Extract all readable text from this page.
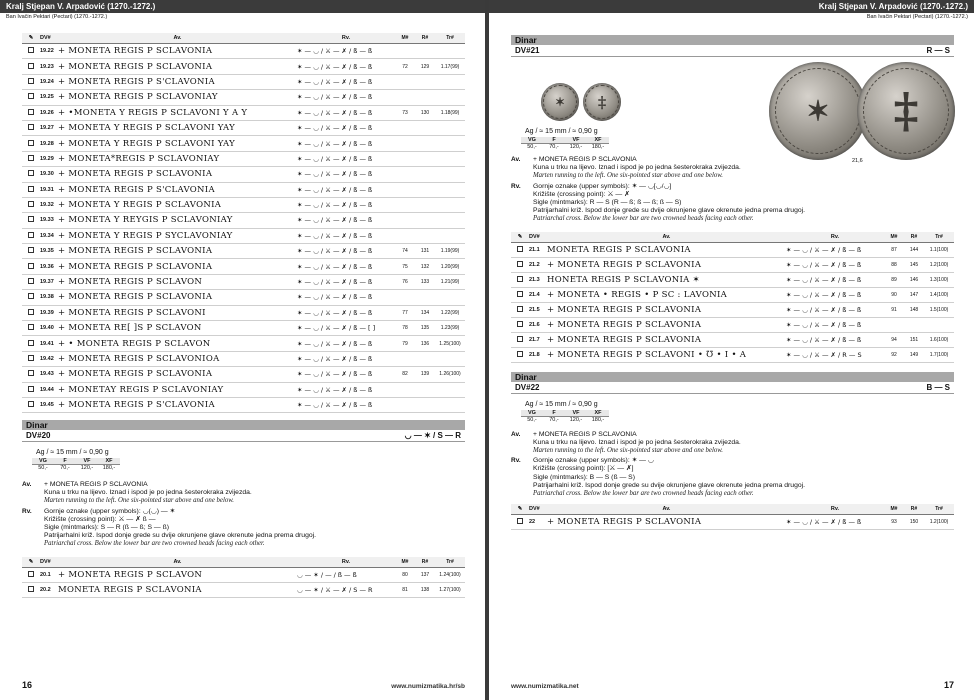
Kralj Stjepan V. Arpadović (1270.-1272.)
Ban Ivačin Pektari (Pectari) (1270.-1272.)
✎	DV#	Av.	Rv.	M#	R#	Tr#
19.22 + MONETA REGIS P SCLAVONIA	✶ — ◡ / ⚔ — ✗ / ß — ß
19.23 + MONETA REGIS P SCLAVONIA	✶ — ◡ / ⚔ — ✗ / ß — ß	72	129	1.17(99)
19.24 + MONETA REGIS P S'CLAVONIA	✶ — ◡ / ⚔ — ✗ / ß — ß
19.25 + MONETA REGIS P SCLAVONIAY	✶ — ◡ / ⚔ — ✗ / ß — ß
19.26 + •MONETA Y REGIS P SCLAVONI Y A Y	✶ — ◡ / ⚔ — ✗ / ß — ß	73	130	1.18(99)
19.27 + MONETA Y REGIS P SCLAVONI YAY	✶ — ◡ / ⚔ — ✗ / ß — ß
19.28 + MONETA Y REGIS P SCLAVONI YAY	✶ — ◡ / ⚔ — ✗ / ß — ß
19.29 + MONETA*REGIS P SCLAVONIAY	✶ — ◡ / ⚔ — ✗ / ß — ß
19.30 + MONETA REGIS P SCLAVONIA	✶ — ◡ / ⚔ — ✗ / ß — ß
19.31 + MONETA REGIS P S'CLAVONIA	✶ — ◡ / ⚔ — ✗ / ß — ß
19.32 + MONETA Y REGIS P SCLAVONIA	✶ — ◡ / ⚔ — ✗ / ß — ß
19.33 + MONETA Y REYGIS P SCLAVONIAY	✶ — ◡ / ⚔ — ✗ / ß — ß
19.34 + MONETA Y REGIS P SYCLAVONIAY	✶ — ◡ / ⚔ — ✗ / ß — ß
19.35 + MONETA REGIS P SCLAVONIA	✶ — ◡ / ⚔ — ✗ / ß — ß	74	131	1.19(99)
19.36 + MONETA REGIS P SCLAVONIA	✶ — ◡ / ⚔ — ✗ / ß — ß	75	132	1.20(99)
19.37 + MONETA REGIS P SCLAVON	✶ — ◡ / ⚔ — ✗ / ß — ß	76	133	1.21(99)
19.38 + MONETA REGIS P SCLAVONIA	✶ — ◡ / ⚔ — ✗ / ß — ß
19.39 + MONETA REGIS P SCLAVONI	✶ — ◡ / ⚔ — ✗ / ß — ß	77	134	1.22(99)
19.40 + MONETA RE[ ]S P SCLAVON	✶ — ◡ / ⚔ — ✗ / ß — [ ]	78	135	1.23(99)
19.41 + • MONETA REGIS P SCLAVON	✶ — ◡ / ⚔ — ✗ / ß — ß	79	136	1.25(100)
19.42 + MONETA REGIS P SCLAVONIOA	✶ — ◡ / ⚔ — ✗ / ß — ß
19.43 + MONETA REGIS P SCLAVONIA	✶ — ◡ / ⚔ — ✗ / ß — ß	82	139	1.26(100)
19.44 + MONETAY REGIS P SCLAVONIAY	✶ — ◡ / ⚔ — ✗ / ß — ß
19.45 + MONETA REGIS P S'CLAVONIA	✶ — ◡ / ⚔ — ✗ / ß — ß
Dinar
DV#20	◡ — ✶ / S — R
Ag / ≈ 15 mm / ≈ 0,90 g
VG	F	VF	XF
50,-	70,-	120,-	180,-
Av.	+ MONETA REGIS P SCLAVONIA
Kuna u trku na lijevo. Iznad i ispod je po jedna šesterokraka zvijezda.
Marten running to the left. One six-pointed star above and one below.
Rv.	Gornje oznake (upper symbols): ◡(◡) — ✶
Križište (crossing point): ⚔ — ✗ ß —
Sigle (mintmarks): S — R (ß — ß; S — ß)
Patrijarhalni križ. Ispod donje grede su dvije okrunjene glave okrenute jedna prema drugoj.
Patriarchal cross. Below the lower bar are two crowned heads facing each other.
✎	DV#	Av.	Rv.	M#	R#	Tr#
20.1 + MONETA REGIS P SCLAVON	◡ — ✶ / — / ß — ß	80	137	1.24(100)
20.2 MONETA REGIS P SCLAVONIA	◡ — ✶ / ⚔ — ✗ / S — R	81	138	1.27(100)
16	www.numizmatika.hr/sb
Kralj Stjepan V. Arpadović (1270.-1272.)
Ban Ivačin Pektari (Pectari) (1270.-1272.)
Dinar
DV#21	R — S
✶ ‡	✶ ‡
21,6
Ag / ≈ 15 mm / ≈ 0,90 g
VG	F	VF	XF
50,-	70,-	120,-	180,-
Av.	+ MONETA REGIS P SCLAVONIA
Kuna u trku na lijevo. Iznad i ispod je po jedna šesterokraka zvijezda.
Marten running to the left. One six-pointed star above and one below.
Rv.	Gornje oznake (upper symbols): ✶ — ◡[◡/◡]
Križište (crossing point): ⚔ — ✗
Sigle (mintmarks): R — S (R — ß; ß — ß; ß — S)
Patrijarhalni križ. Ispod donje grede su dvije okrunjene glave okrenute jedna prema drugoj.
Patriarchal cross. Below the lower bar are two crowned heads facing each other.
✎	DV#	Av.	Rv.	M#	R#	Tr#
21.1 MONETA REGIS P SCLAVONIA	✶ — ◡ / ⚔ — ✗ / ß — ß	87	144	1.1(100)
21.2 + MONETA REGIS P SCLAVONIA	✶ — ◡ / ⚔ — ✗ / ß — ß	88	145	1.2(100)
21.3 HONETA REGIS P SCLAVONIA ✶	✶ — ◡ / ⚔ — ✗ / ß — ß	89	146	1.3(100)
21.4 + MONETA • REGIS • P SC : LAVONIA	✶ — ◡ / ⚔ — ✗ / ß — ß	90	147	1.4(100)
21.5 + MONETA REGIS P SCLAVONIA	✶ — ◡ / ⚔ — ✗ / ß — ß	91	148	1.5(100)
21.6 + MONETA REGIS P SCLAVONIA	✶ — ◡ / ⚔ — ✗ / ß — ß
21.7 + MONETA REGIS P SCLAVONIA	✶ — ◡ / ⚔ — ✗ / ß — ß	94	151	1.6(100)
21.8 + MONETA REGIS P SCLAVONI • ℧ • I • A	✶ — ◡ / ⚔ — ✗ / R — S	92	149	1.7(100)
Dinar
DV#22	B — S
Ag / ≈ 15 mm / ≈ 0,90 g
VG	F	VF	XF
50,-	70,-	120,-	180,-
Av.	+ MONETA REGIS P SCLAVONIA
Kuna u trku na lijevo. Iznad i ispod je po jedna šesterokraka zvijezda.
Marten running to the left. One six-pointed star above and one below.
Rv.	Gornje oznake (upper symbols): ✶ — ◡
Križište (crossing point): [⚔ — ✗]
Sigle (mintmarks): B — S (ß — S)
Patrijarhalni križ. Ispod donje grede su dvije okrunjene glave okrenute jedna prema drugoj.
Patriarchal cross. Below the lower bar are two crowned heads facing each other.
✎	DV#	Av.	Rv.	M#	R#	Tr#
22	+ MONETA REGIS P SCLAVONIA	✶ — ◡ / ⚔ — ✗ / ß — ß	93	150	1.2(100)
www.numizmatika.net	17
